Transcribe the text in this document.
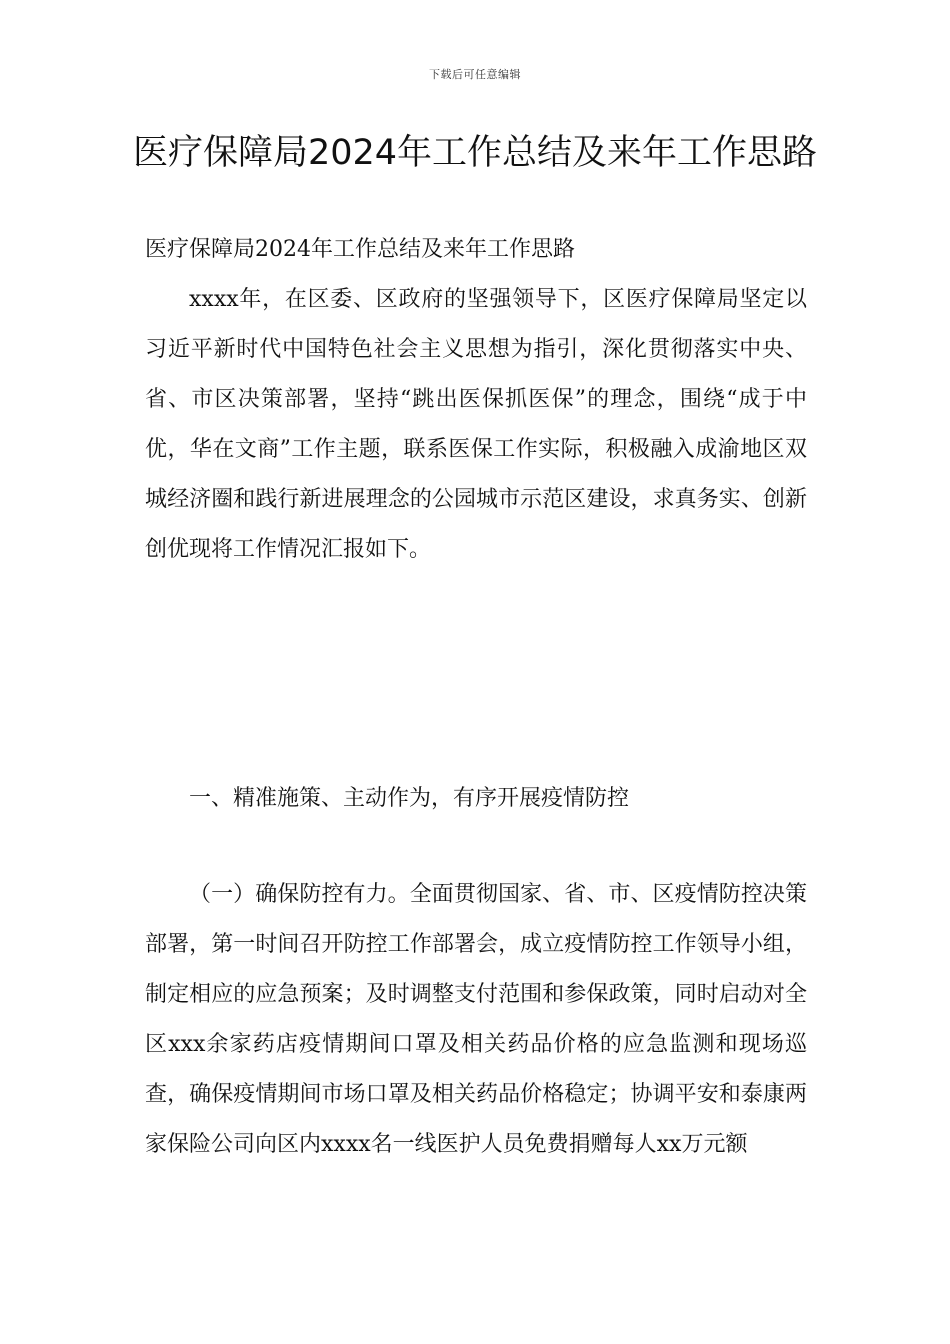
下载后可任意编辑
医疗保障局2024年工作总结及来年工作思路

医疗保障局2024年工作总结及来年工作思路

xxxx年，在区委、区政府的坚强领导下，区医疗保障局坚定以习近平新时代中国特色社会主义思想为指引，深化贯彻落实中央、省、市区决策部署，坚持“跳出医保抓医保”的理念，围绕“成于中优，华在文商”工作主题，联系医保工作实际，积极融入成渝地区双城经济圈和践行新进展理念的公园城市示范区建设，求真务实、创新创优现将工作情况汇报如下。

一、精准施策、主动作为，有序开展疫情防控

（一）确保防控有力。全面贯彻国家、省、市、区疫情防控决策部署，第一时间召开防控工作部署会，成立疫情防控工作领导小组，制定相应的应急预案；及时调整支付范围和参保政策，同时启动对全区xxx余家药店疫情期间口罩及相关药品价格的应急监测和现场巡查，确保疫情期间市场口罩及相关药品价格稳定；协调平安和泰康两家保险公司向区内xxxx名一线医护人员免费捐赠每人xx万元额
